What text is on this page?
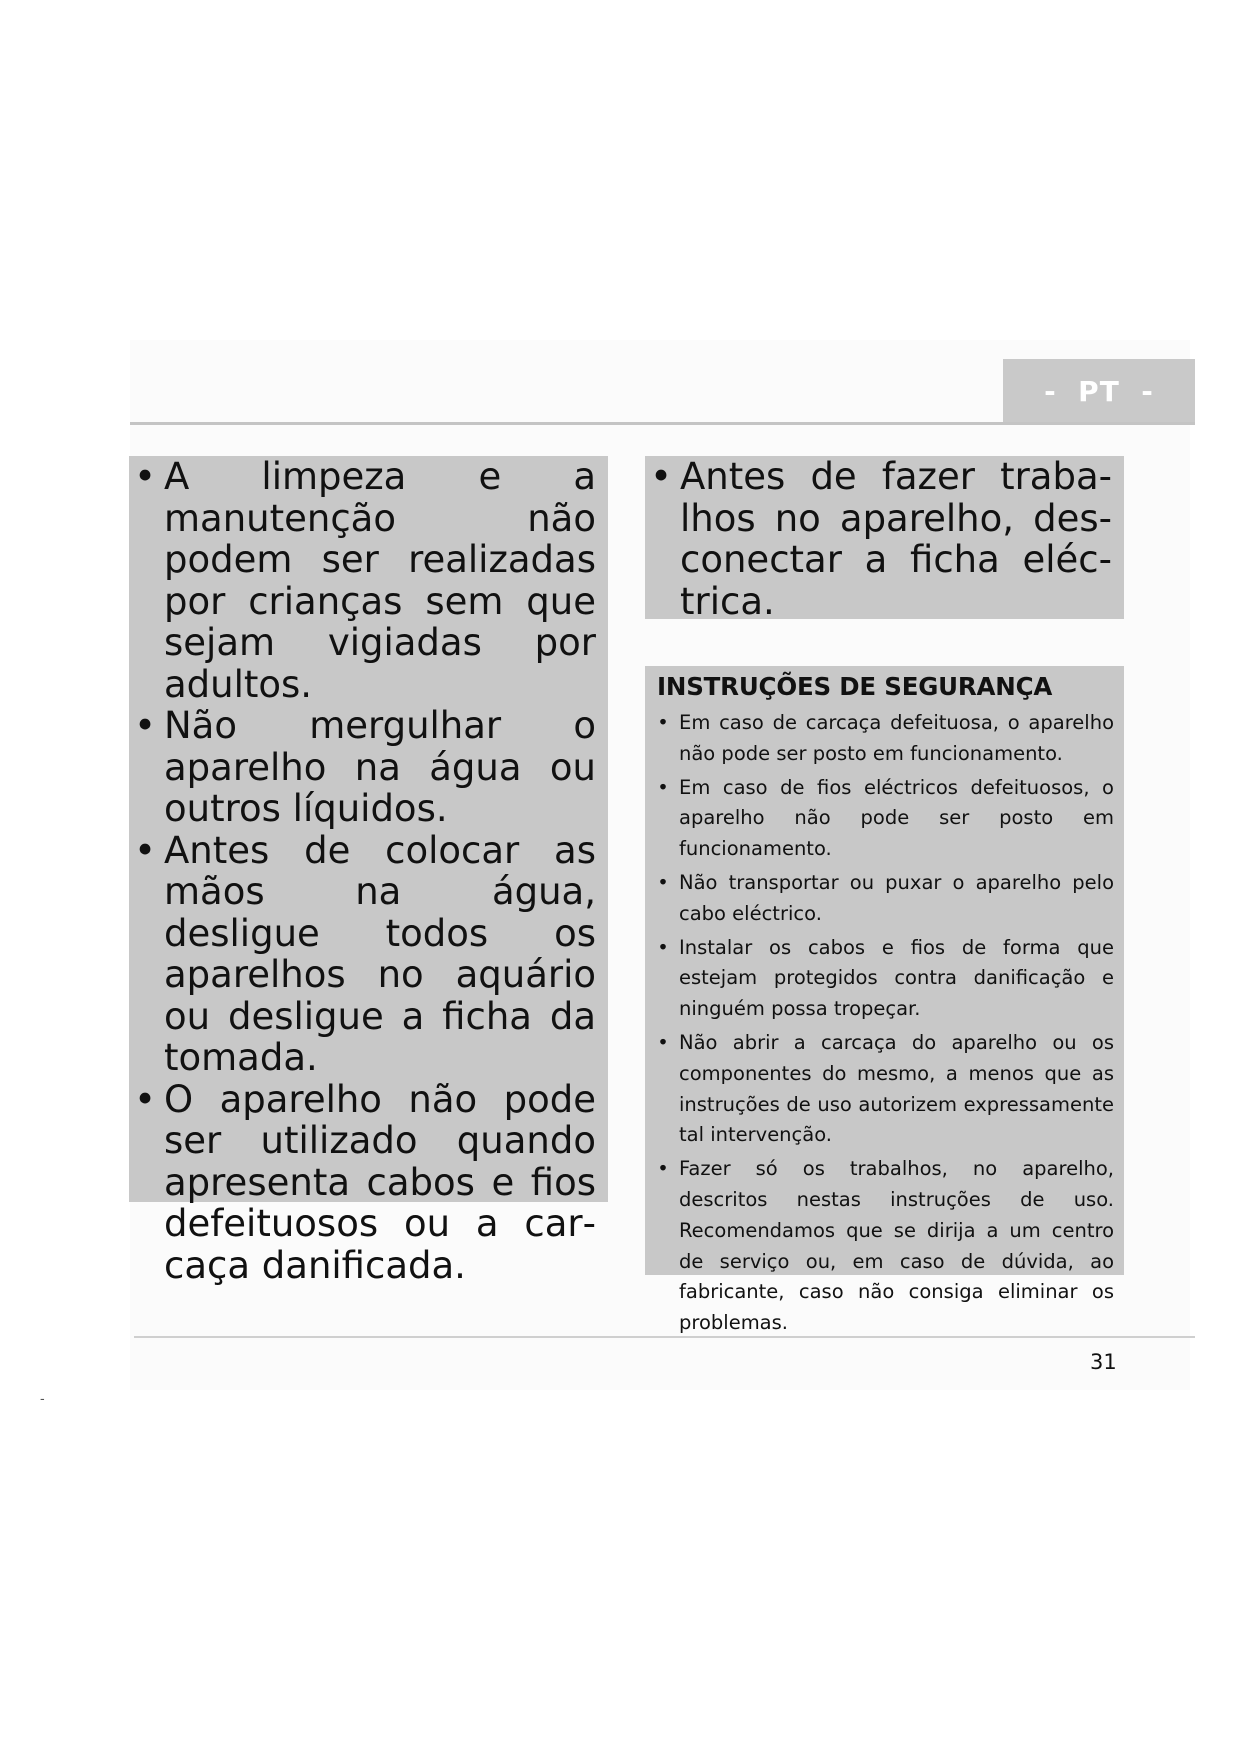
-  PT  -
• A limpeza e a manutenção não podem ser realizadas por crianças sem que sejam vigiadas por adultos.
• Não mergulhar o aparelho na água ou outros líquidos.
• Antes de colocar as mãos na água, desligue todos os aparelhos no aquário ou desligue a ficha da tomada.
• O aparelho não pode ser utilizado quando apresenta cabos e fios defeituosos ou a carcaça danificada.
• Antes de fazer trabalhos no aparelho, desconectar a ficha eléctrica.
INSTRUÇÕES DE SEGURANÇA
• Em caso de carcaça defeituosa, o aparelho não pode ser posto em funcionamento.
• Em caso de fios eléctricos defeituosos, o aparelho não pode ser posto em funcionamento.
• Não transportar ou puxar o aparelho pelo cabo eléctrico.
• Instalar os cabos e fios de forma que estejam protegidos contra danificação e ninguém possa tropeçar.
• Não abrir a carcaça do aparelho ou os componentes do mesmo, a menos que as instruções de uso autorizem expressamente tal intervenção.
• Fazer só os trabalhos, no aparelho, descritos nestas instruções de uso. Recomendamos que se dirija a um centro de serviço ou, em caso de dúvida, ao fabricante, caso não consiga eliminar os problemas.
31
-
